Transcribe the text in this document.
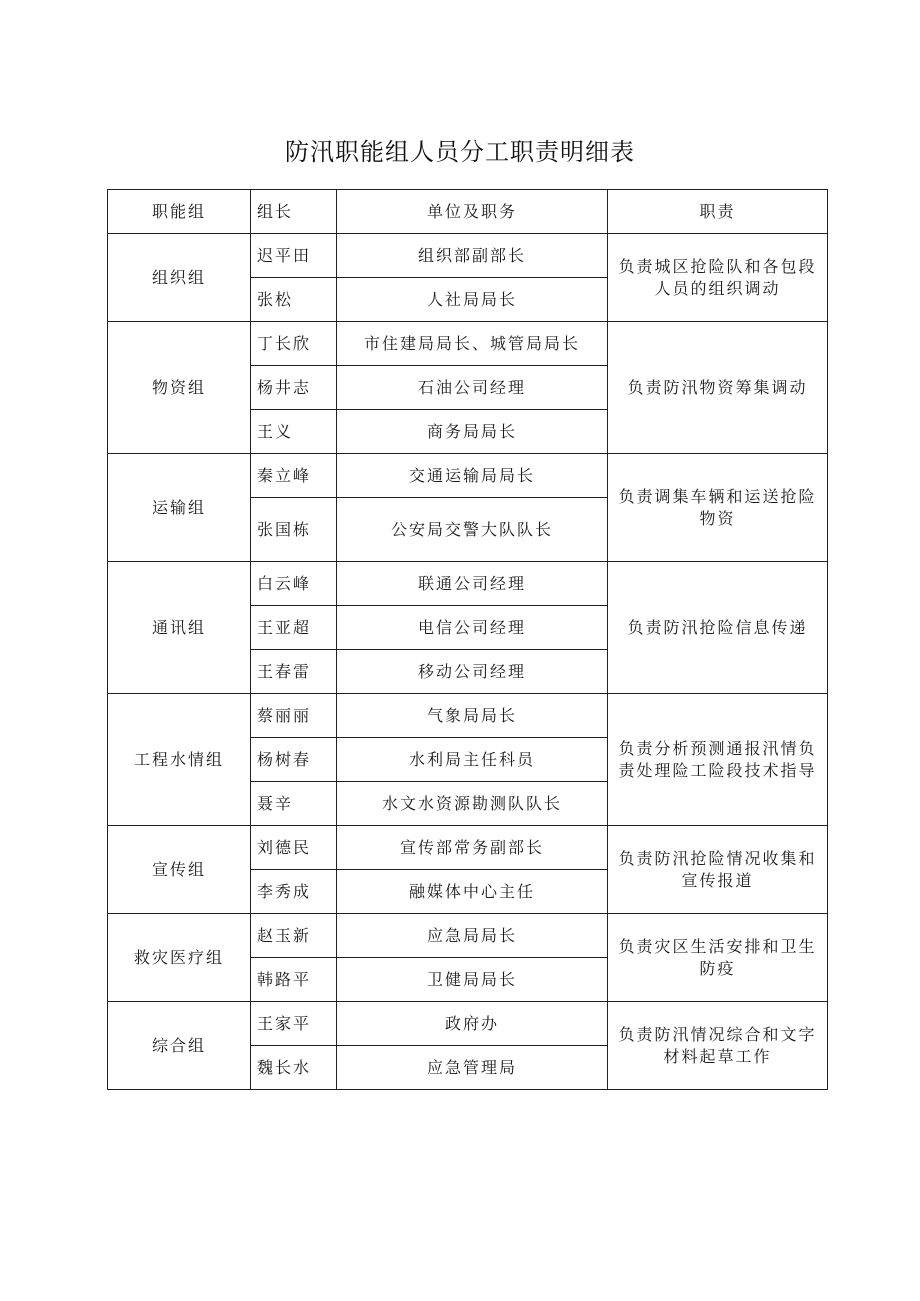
防汛职能组人员分工职责明细表
职能组	组长	单位及职务	职责
组织组	迟平田	组织部副部长	负责城区抢险队和各包段人员的组织调动
	张松	人社局局长	
物资组	丁长欣	市住建局局长、城管局局长	负责防汛物资筹集调动
	杨井志	石油公司经理	
	王义	商务局局长	
运输组	秦立峰	交通运输局局长	负责调集车辆和运送抢险物资
	张国栋	公安局交警大队队长	
通讯组	白云峰	联通公司经理	负责防汛抢险信息传递
	王亚超	电信公司经理	
	王春雷	移动公司经理	
工程水情组	蔡丽丽	气象局局长	负责分析预测通报汛情负责处理险工险段技术指导
	杨树春	水利局主任科员	
	聂辛	水文水资源勘测队队长	
宣传组	刘德民	宣传部常务副部长	负责防汛抢险情况收集和宣传报道
	李秀成	融媒体中心主任	
救灾医疗组	赵玉新	应急局局长	负责灾区生活安排和卫生防疫
	韩路平	卫健局局长	
综合组	王家平	政府办	负责防汛情况综合和文字材料起草工作
	魏长水	应急管理局	
